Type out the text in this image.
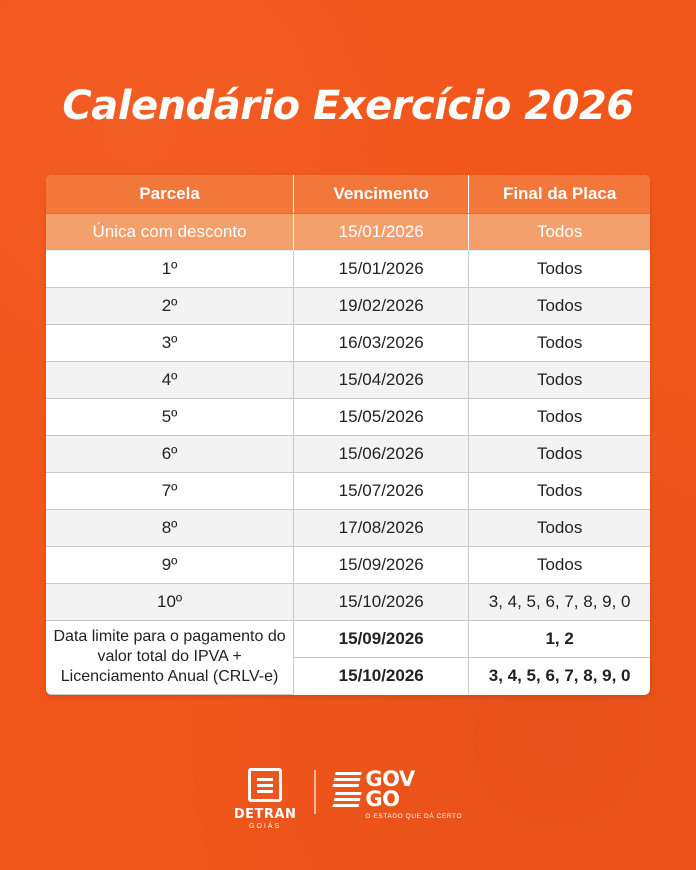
Calendário Exercício 2026
Parcela	Vencimento	Final da Placa
Única com desconto	15/01/2026	Todos
1º	15/01/2026	Todos
2º	19/02/2026	Todos
3º	16/03/2026	Todos
4º	15/04/2026	Todos
5º	15/05/2026	Todos
6º	15/06/2026	Todos
7º	15/07/2026	Todos
8º	17/08/2026	Todos
9º	15/09/2026	Todos
10º	15/10/2026	3, 4, 5, 6, 7, 8, 9, 0
Data limite para o pagamento do valor total do IPVA + Licenciamento Anual (CRLV-e)	15/09/2026	1, 2
	15/10/2026	3, 4, 5, 6, 7, 8, 9, 0
DETRAN
GOIÁS
GOV
GO
O ESTADO QUE DÁ CERTO
